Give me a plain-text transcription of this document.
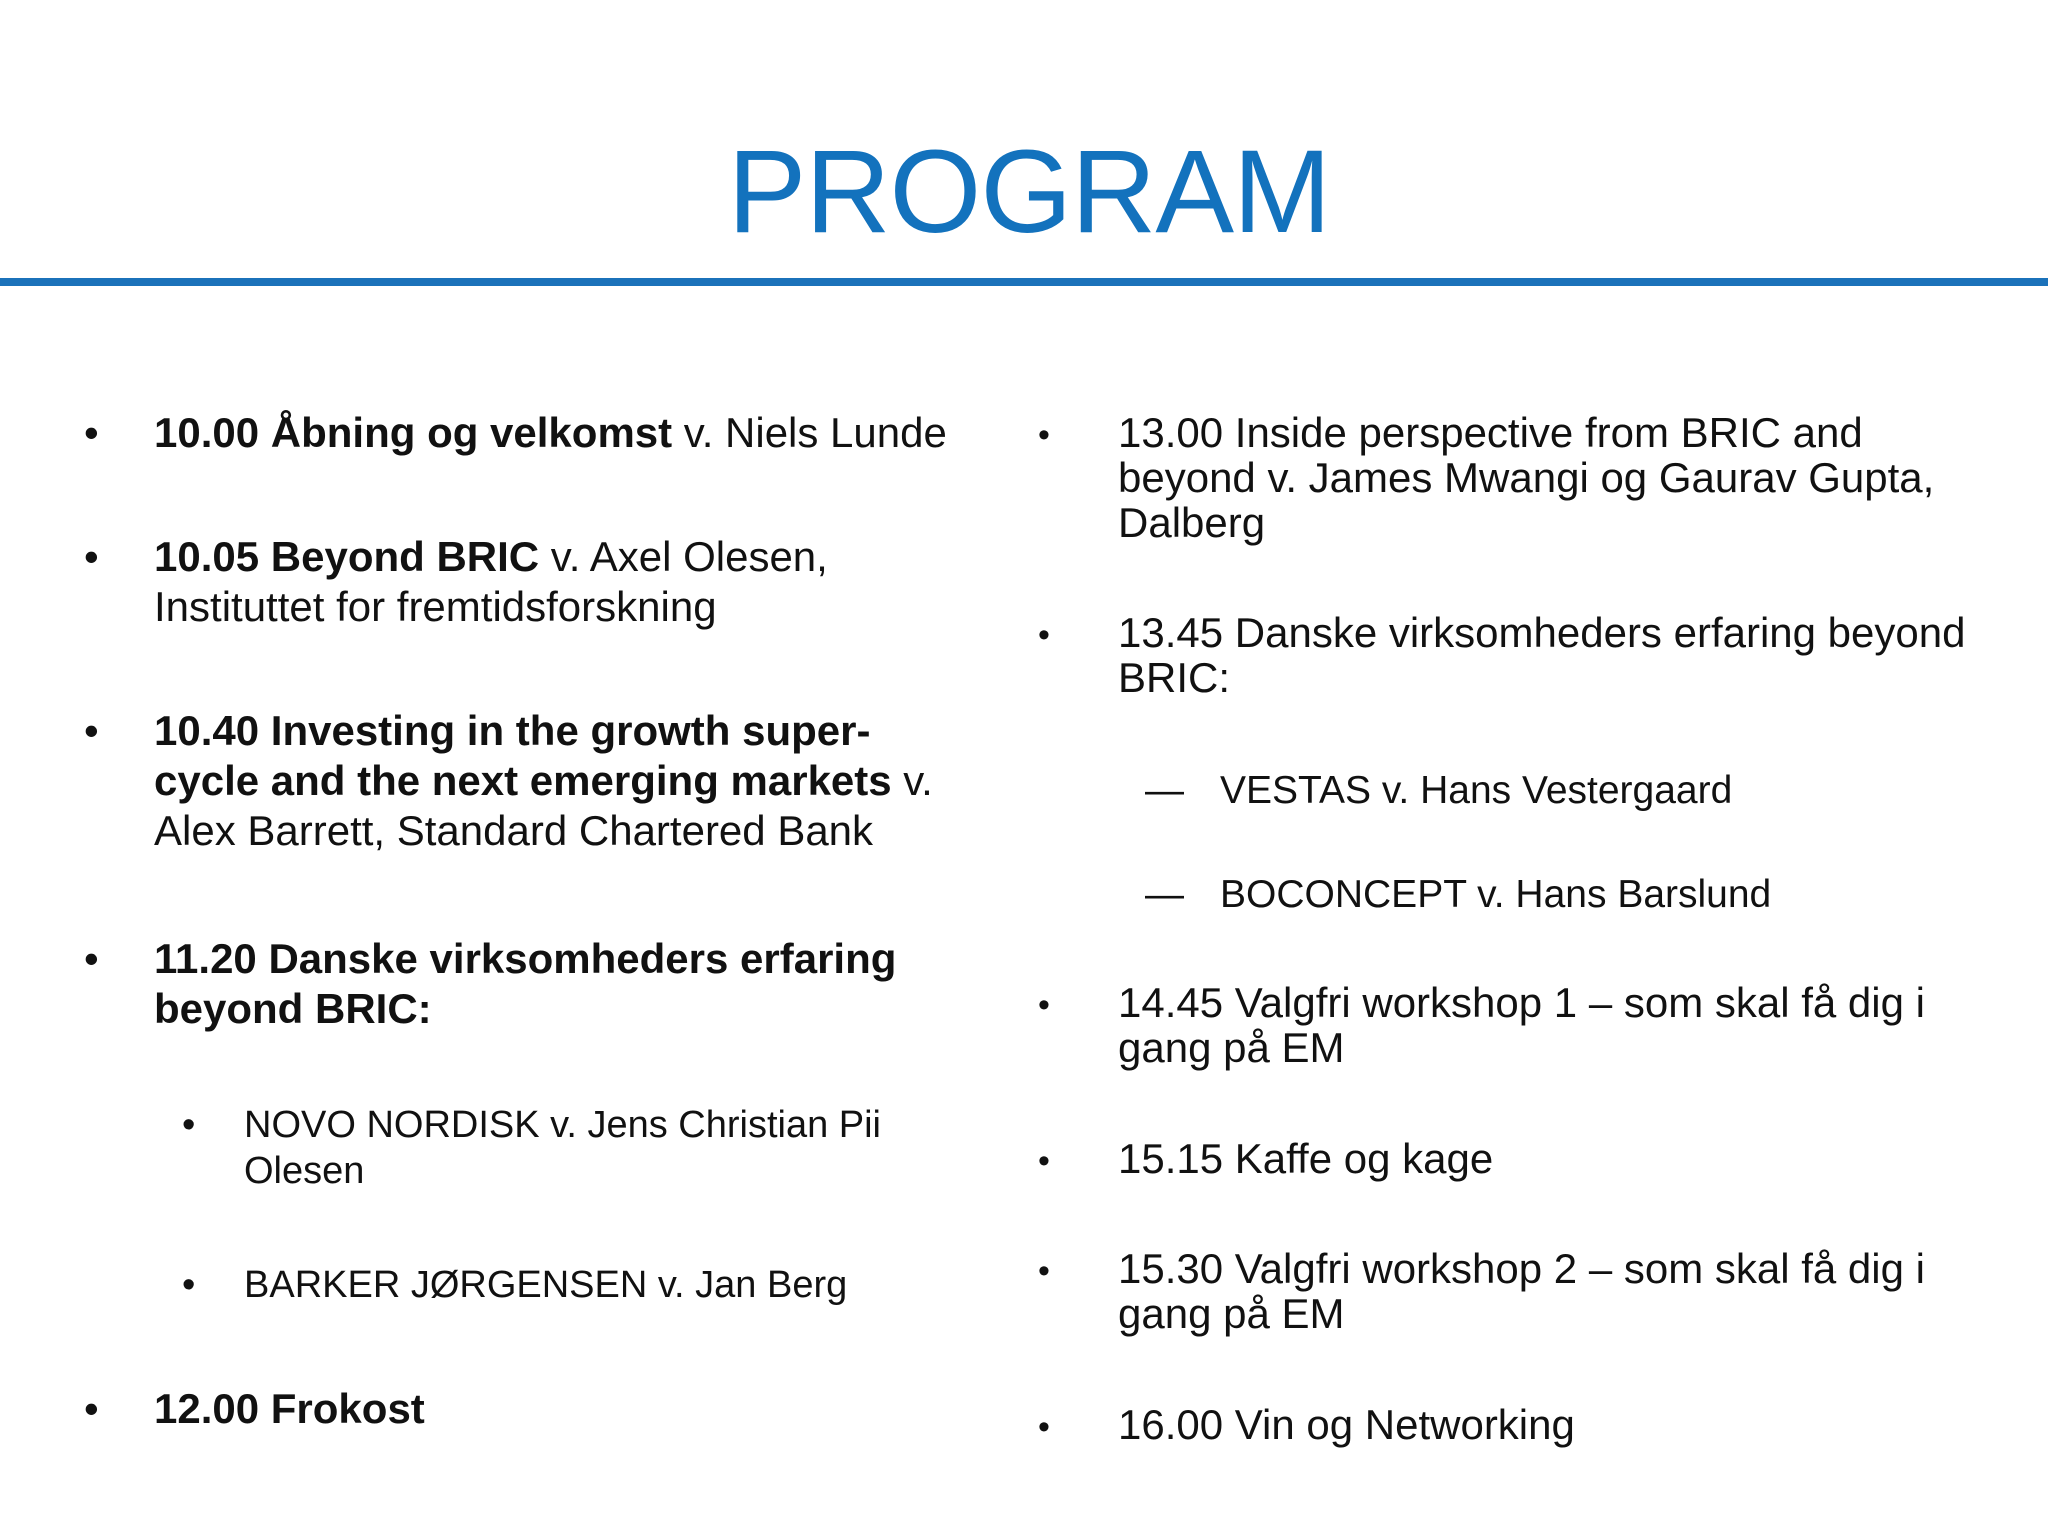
PROGRAM
• 10.00 Åbning og velkomst v. Niels Lunde
• 10.05 Beyond BRIC v. Axel Olesen,
Instituttet for fremtidsforskning
• 10.40 Investing in the growth super-
cycle and the next emerging markets v.
Alex Barrett, Standard Chartered Bank
• 11.20 Danske virksomheders erfaring
beyond BRIC:
• NOVO NORDISK v. Jens Christian Pii
Olesen
• BARKER JØRGENSEN v. Jan Berg
• 12.00 Frokost
• 13.00 Inside perspective from BRIC and
beyond v. James Mwangi og Gaurav Gupta,
Dalberg
• 13.45 Danske virksomheders erfaring beyond
BRIC:
— VESTAS v. Hans Vestergaard
— BOCONCEPT v. Hans Barslund
• 14.45 Valgfri workshop 1 – som skal få dig i
gang på EM
• 15.15 Kaffe og kage
• 15.30 Valgfri workshop 2 – som skal få dig i
gang på EM
• 16.00 Vin og Networking
